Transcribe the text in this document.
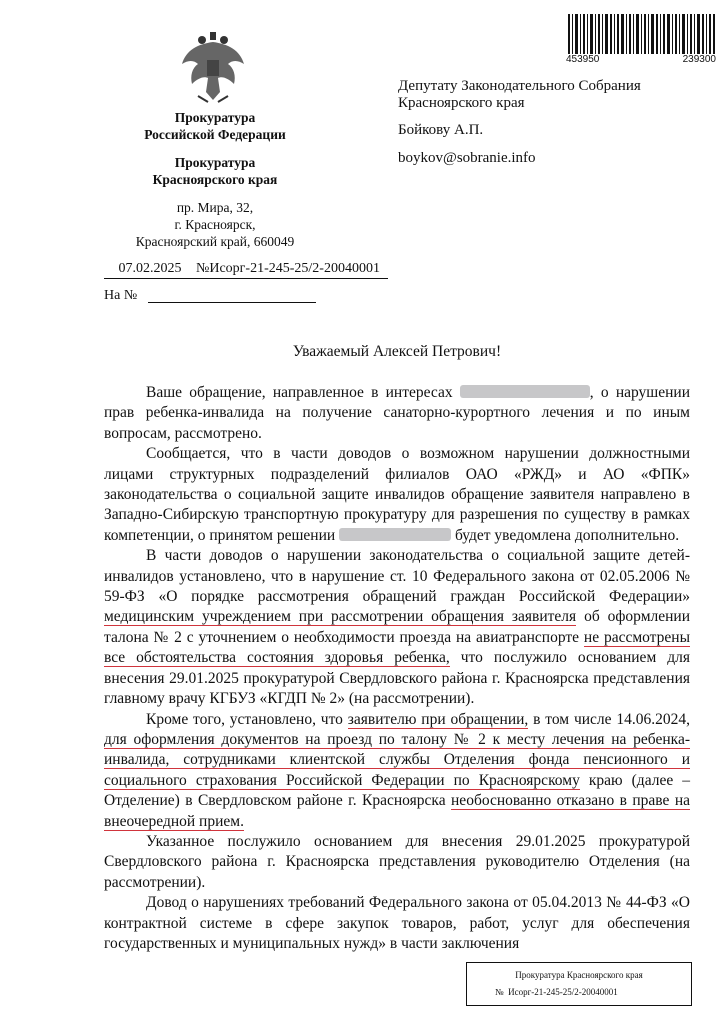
Прокуратура
Российской Федерации
Прокуратура
Красноярского края
пр. Мира, 32,
г. Красноярск,
Красноярский край, 660049
453950	239300
Депутату Законодательного Собрания
Красноярского края
Бойкову А.П.
boykov@sobranie.info
07.02.2025 №Исорг-21-245-25/2-20040001
На №
Уважаемый Алексей Петрович!

Ваше обращение, направленное в интересах	, о нарушении прав ребенка-инвалида на получение санаторно-курортного лечения и по иным вопросам, рассмотрено.

Сообщается, что в части доводов о возможном нарушении должностными лицами структурных подразделений филиалов ОАО «РЖД» и АО «ФПК» законодательства о социальной защите инвалидов обращение заявителя направлено в Западно-Сибирскую транспортную прокуратуру для разрешения по существу в рамках компетенции, о принятом решении	будет уведомлена дополнительно.

В части доводов о нарушении законодательства о социальной защите детей-инвалидов установлено, что в нарушение ст. 10 Федерального закона от 02.05.2006 № 59-ФЗ «О порядке рассмотрения обращений граждан Российской Федерации» медицинским учреждением при рассмотрении обращения заявителя об оформлении талона № 2 с уточнением о необходимости проезда на авиатранспорте не рассмотрены все обстоятельства состояния здоровья ребенка, что послужило основанием для внесения 29.01.2025 прокуратурой Свердловского района г. Красноярска представления главному врачу КГБУЗ «КГДП № 2» (на рассмотрении).

Кроме того, установлено, что заявителю при обращении, в том числе 14.06.2024, для оформления документов на проезд по талону № 2 к месту лечения на ребенка-инвалида, сотрудниками клиентской службы Отделения фонда пенсионного и социального страхования Российской Федерации по Красноярскому краю (далее – Отделение) в Свердловском районе г. Красноярска необоснованно отказано в праве на внеочередной прием.

Указанное послужило основанием для внесения 29.01.2025 прокуратурой Свердловского района г. Красноярска представления руководителю Отделения (на рассмотрении).

Довод о нарушениях требований Федерального закона от 05.04.2013 № 44-ФЗ «О контрактной системе в сфере закупок товаров, работ, услуг для обеспечения государственных и муниципальных нужд» в части заключения

Прокуратура Красноярского края
№ Исорг-21-245-25/2-20040001
